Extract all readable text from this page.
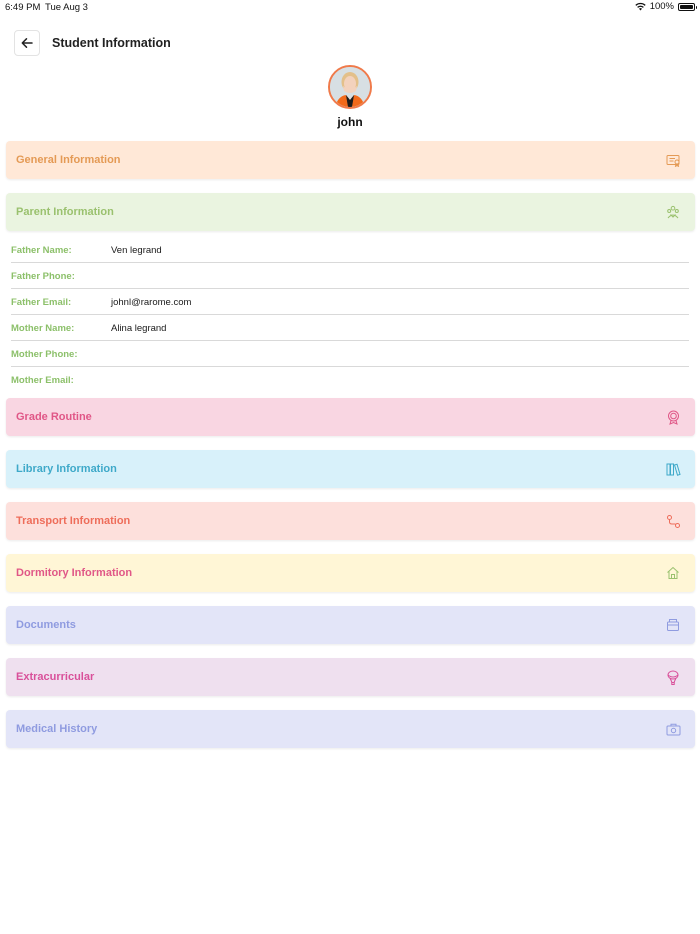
6:49 PM Tue Aug 3	100%
Student Information
john
General Information
Parent Information
Father Name:	Ven legrand
Father Phone:
Father Email:	johnl@rarome.com
Mother Name:	Alina legrand
Mother Phone:
Mother Email:
Grade Routine
Library Information
Transport Information
Dormitory Information
Documents
Extracurricular
Medical History
